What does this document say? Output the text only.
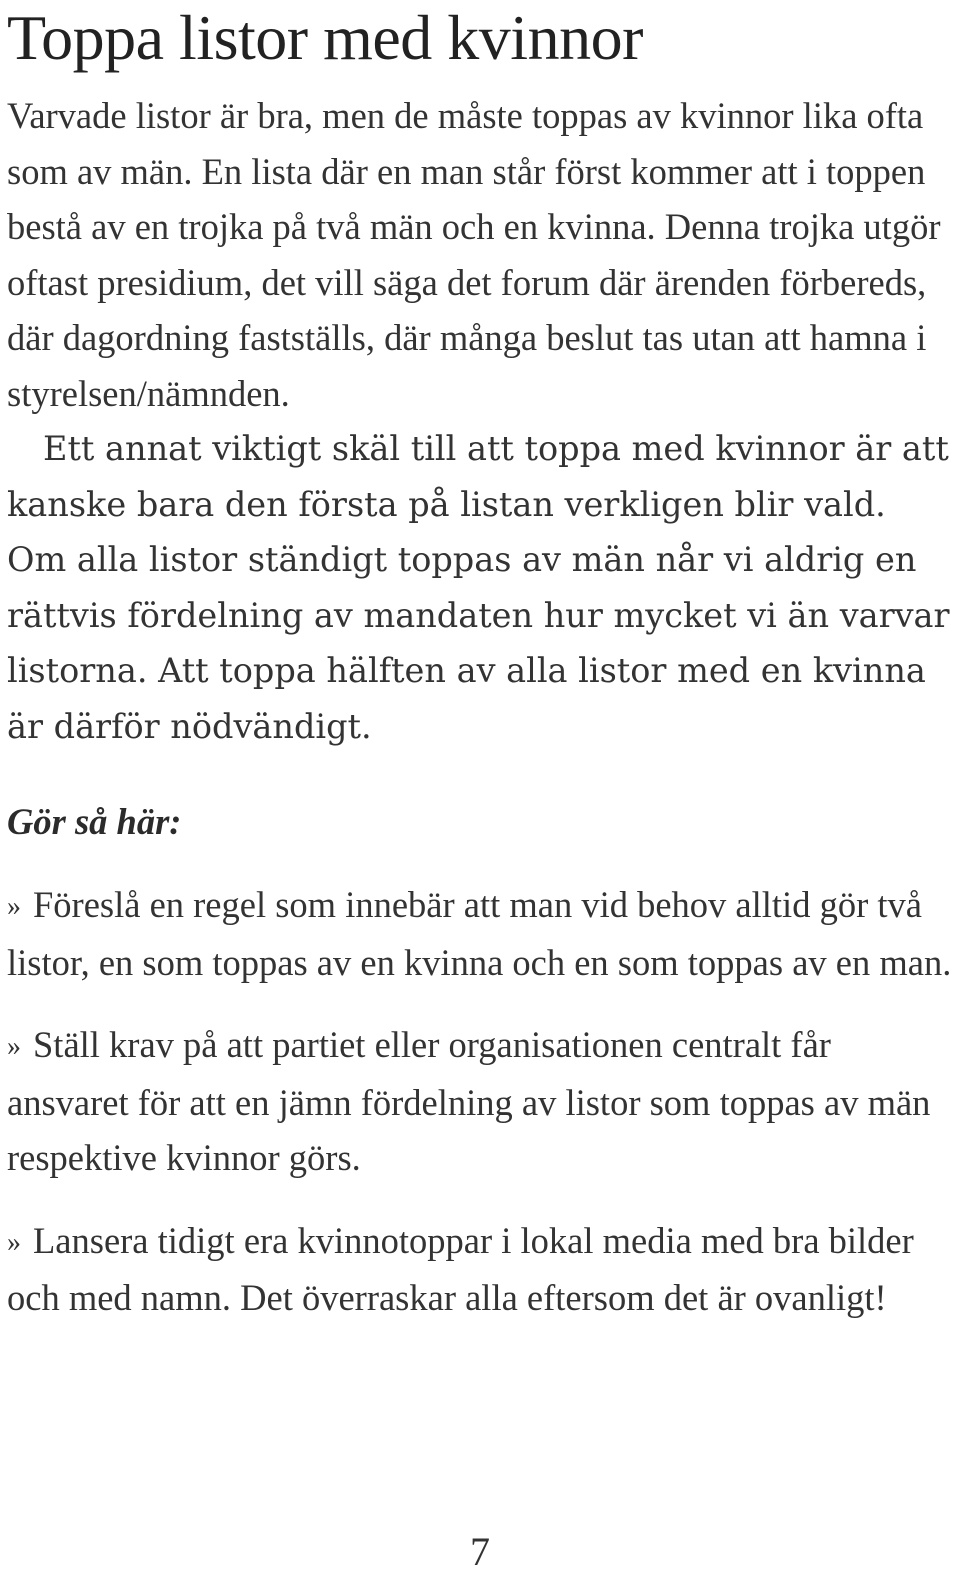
Toppa listor med kvinnor

Varvade listor är bra, men de måste toppas av kvinnor lika ofta som av män. En lista där en man står först kommer att i toppen bestå av en trojka på två män och en kvinna. Denna trojka utgör oftast presidium, det vill säga det forum där ärenden förbereds, där dagordning fastställs, där många beslut tas utan att hamna i styrelsen/nämnden.

Ett annat viktigt skäl till att toppa med kvinnor är att kanske bara den första på listan verkligen blir vald. Om alla listor ständigt toppas av män når vi aldrig en rättvis fördelning av mandaten hur mycket vi än varvar listorna. Att toppa hälften av alla listor med en kvinna är därför nödvändigt.

Gör så här:
» Föreslå en regel som innebär att man vid behov alltid gör två listor, en som toppas av en kvinna och en som toppas av en man.
» Ställ krav på att partiet eller organisationen centralt får ansvaret för att en jämn fördelning av listor som toppas av män respektive kvinnor görs.
» Lansera tidigt era kvinnotoppar i lokal media med bra bilder och med namn. Det överraskar alla eftersom det är ovanligt!
7
